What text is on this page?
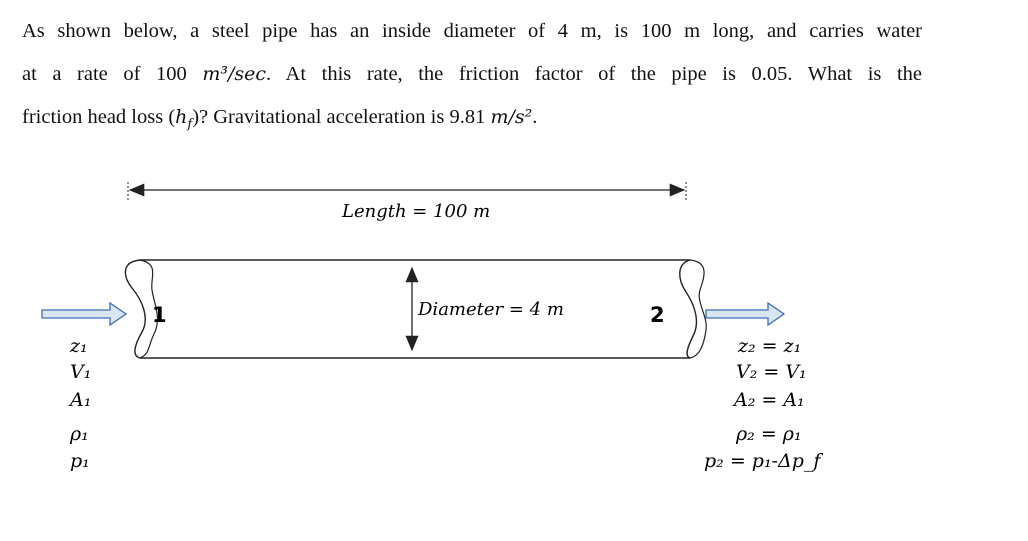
As shown below, a steel pipe has an inside diameter of 4 m, is 100 m long, and carries water

at a rate of 100 m³/sec. At this rate, the friction factor of the pipe is 0.05. What is the

friction head loss $(h_f)$? Gravitational acceleration is 9.81 m/s².

Length = 100 m
Diameter = 4 m
1	2
z₁
V₁
A₁
ρ₁
p₁
z₂ = z₁
V₂ = V₁
A₂ = A₁
ρ₂ = ρ₁
p₂ = p₁-Δp_f
